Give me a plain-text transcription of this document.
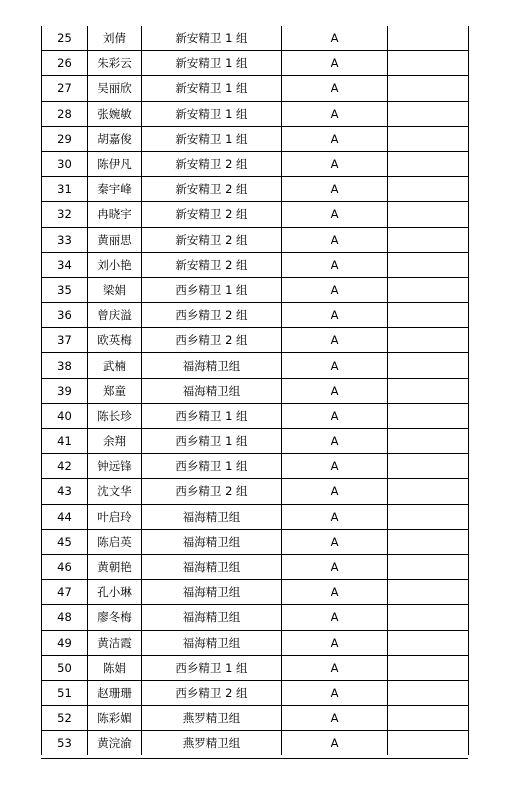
25	刘倩	新安精卫 1 组	A	
26	朱彩云	新安精卫 1 组	A	
27	吴丽欣	新安精卫 1 组	A	
28	张婉敏	新安精卫 1 组	A	
29	胡嘉俊	新安精卫 1 组	A	
30	陈伊凡	新安精卫 2 组	A	
31	秦宇峰	新安精卫 2 组	A	
32	冉晓宇	新安精卫 2 组	A	
33	黄丽思	新安精卫 2 组	A	
34	刘小艳	新安精卫 2 组	A	
35	梁娟	西乡精卫 1 组	A	
36	曾庆溢	西乡精卫 2 组	A	
37	欧英梅	西乡精卫 2 组	A	
38	武楠	福海精卫组	A	
39	郑童	福海精卫组	A	
40	陈长珍	西乡精卫 1 组	A	
41	余翔	西乡精卫 1 组	A	
42	钟远锋	西乡精卫 1 组	A	
43	沈文华	西乡精卫 2 组	A	
44	叶启玲	福海精卫组	A	
45	陈启英	福海精卫组	A	
46	黄朝艳	福海精卫组	A	
47	孔小琳	福海精卫组	A	
48	廖冬梅	福海精卫组	A	
49	黄洁霞	福海精卫组	A	
50	陈娟	西乡精卫 1 组	A	
51	赵珊珊	西乡精卫 2 组	A	
52	陈彩媚	燕罗精卫组	A	
53	黄浣渝	燕罗精卫组	A	
